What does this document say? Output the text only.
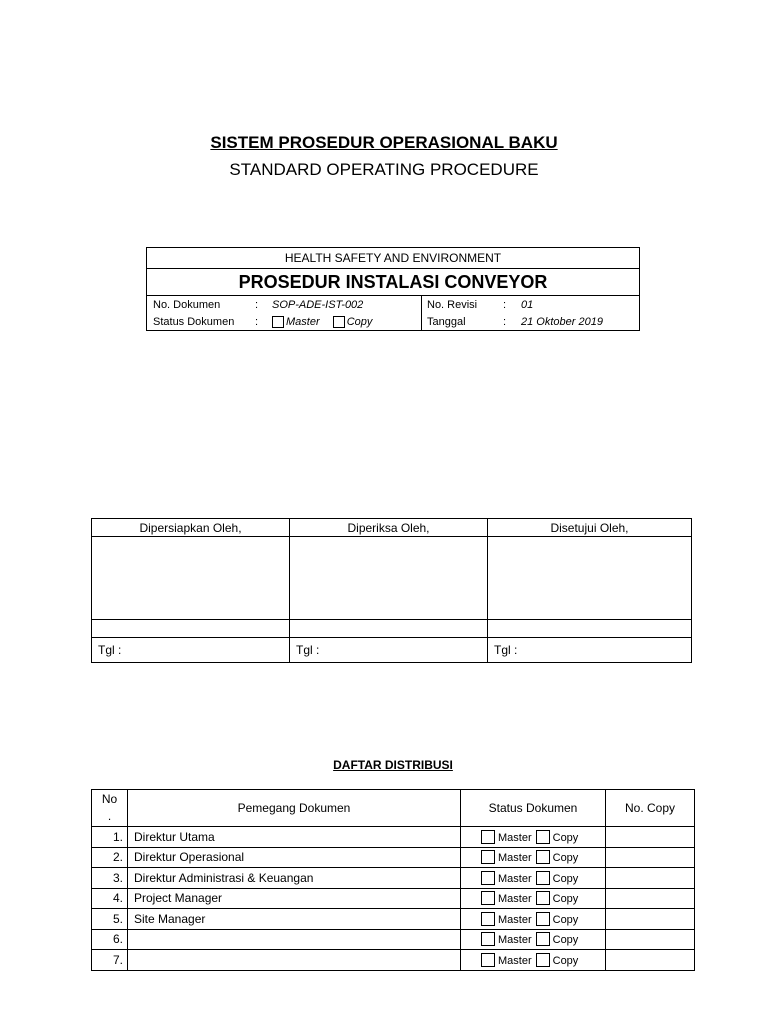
SISTEM PROSEDUR OPERASIONAL BAKU
STANDARD OPERATING PROCEDURE
HEALTH SAFETY AND ENVIRONMENT
PROSEDUR INSTALASI CONVEYOR
No. Dokumen	: SOP-ADE-IST-002
Status Dokumen :	Master Copy
No. Revisi : 01
Tanggal	: 21 Oktober 2019
Dipersiapkan Oleh,	Diperiksa Oleh,	Disetujui Oleh,

Tgl :	Tgl :	Tgl :
DAFTAR DISTRIBUSI
No
.	Pemegang Dokumen	Status Dokumen	No. Copy
1.	Direktur Utama	Master Copy	
2.	Direktur Operasional	Master Copy	
3.	Direktur Administrasi & Keuangan	Master Copy	
4.	Project Manager	Master Copy	
5.	Site Manager	Master Copy	
6.		Master Copy	
7.		Master Copy	
